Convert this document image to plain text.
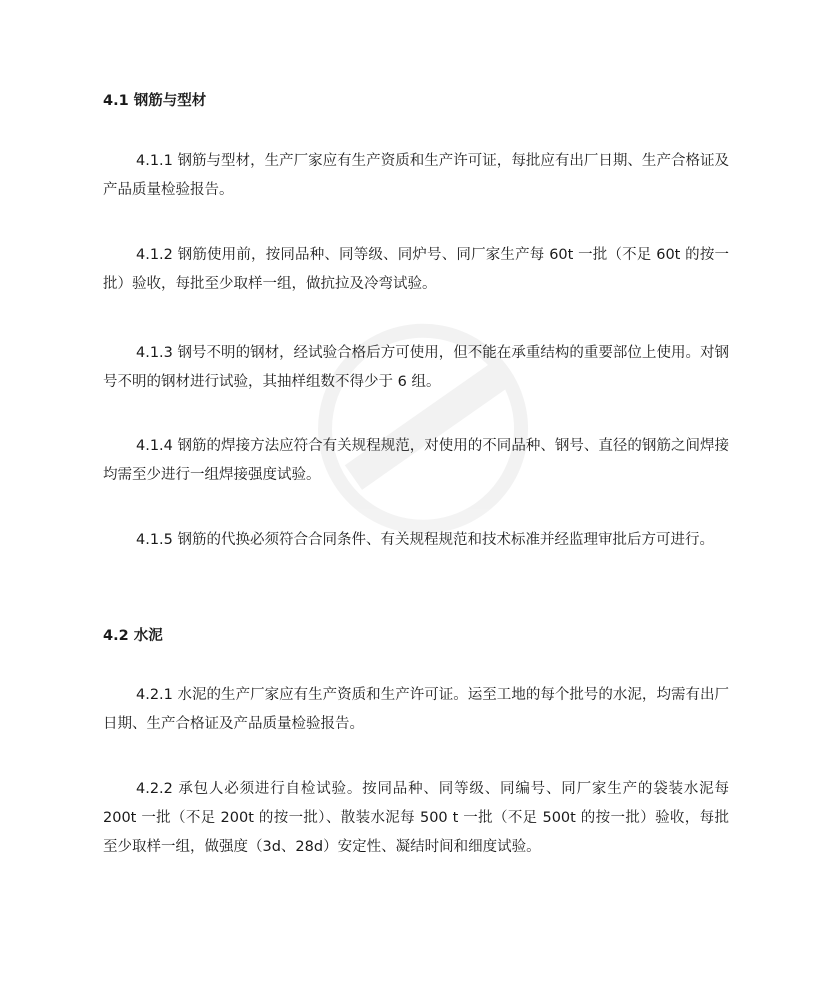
4.1 钢筋与型材

4.1.1 钢筋与型材，生产厂家应有生产资质和生产许可证，每批应有出厂日期、生产合格证及产品质量检验报告。

4.1.2 钢筋使用前，按同品种、同等级、同炉号、同厂家生产每 60t 一批（不足 60t 的按一批）验收，每批至少取样一组，做抗拉及冷弯试验。

4.1.3 钢号不明的钢材，经试验合格后方可使用，但不能在承重结构的重要部位上使用。对钢号不明的钢材进行试验，其抽样组数不得少于 6 组。

4.1.4 钢筋的焊接方法应符合有关规程规范，对使用的不同品种、钢号、直径的钢筋之间焊接均需至少进行一组焊接强度试验。

4.1.5 钢筋的代换必须符合合同条件、有关规程规范和技术标准并经监理审批后方可进行。

4.2 水泥

4.2.1 水泥的生产厂家应有生产资质和生产许可证。运至工地的每个批号的水泥，均需有出厂日期、生产合格证及产品质量检验报告。

4.2.2 承包人必须进行自检试验。按同品种、同等级、同编号、同厂家生产的袋装水泥每 200t 一批（不足 200t 的按一批）、散装水泥每 500 t 一批（不足 500t 的按一批）验收，每批至少取样一组，做强度（3d、28d）安定性、凝结时间和细度试验。
